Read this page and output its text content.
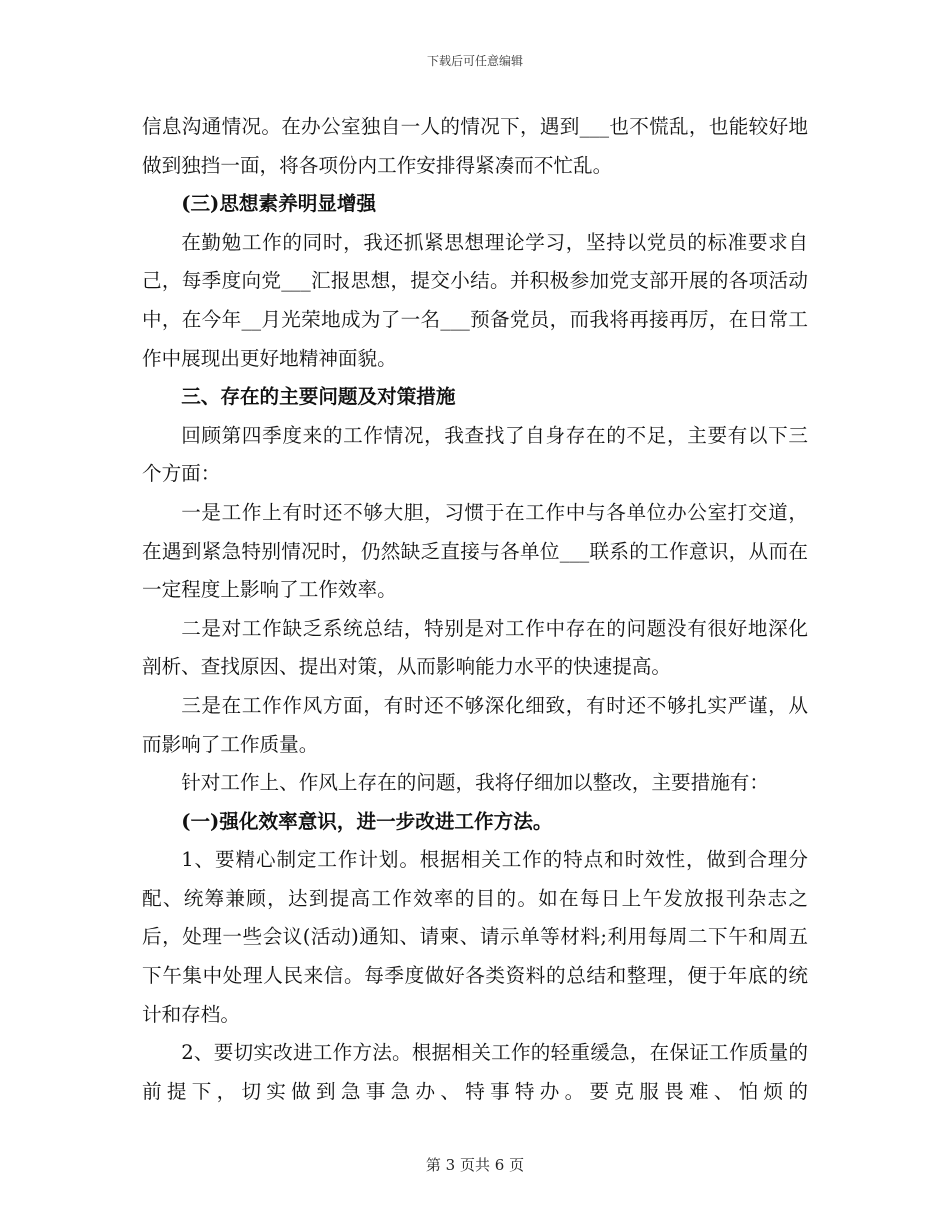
下载后可任意编辑

信息沟通情况。在办公室独自一人的情况下，遇到___也不慌乱，也能较好地做到独挡一面，将各项份内工作安排得紧凑而不忙乱。

(三)思想素养明显增强

在勤勉工作的同时，我还抓紧思想理论学习，坚持以党员的标准要求自己，每季度向党___汇报思想，提交小结。并积极参加党支部开展的各项活动中，在今年__月光荣地成为了一名___预备党员，而我将再接再厉，在日常工作中展现出更好地精神面貌。

三、存在的主要问题及对策措施

回顾第四季度来的工作情况，我查找了自身存在的不足，主要有以下三个方面：

一是工作上有时还不够大胆，习惯于在工作中与各单位办公室打交道，在遇到紧急特别情况时，仍然缺乏直接与各单位___联系的工作意识，从而在一定程度上影响了工作效率。

二是对工作缺乏系统总结，特别是对工作中存在的问题没有很好地深化剖析、查找原因、提出对策，从而影响能力水平的快速提高。

三是在工作作风方面，有时还不够深化细致，有时还不够扎实严谨，从而影响了工作质量。

针对工作上、作风上存在的问题，我将仔细加以整改，主要措施有：

(一)强化效率意识，进一步改进工作方法。

1、要精心制定工作计划。根据相关工作的特点和时效性，做到合理分配、统筹兼顾，达到提高工作效率的目的。如在每日上午发放报刊杂志之后，处理一些会议(活动)通知、请柬、请示单等材料;利用每周二下午和周五下午集中处理人民来信。每季度做好各类资料的总结和整理，便于年底的统计和存档。

2、要切实改进工作方法。根据相关工作的轻重缓急，在保证工作质量的前提下，切实做到急事急办、特事特办。要克服畏难、怕烦的

第 3 页共 6 页
